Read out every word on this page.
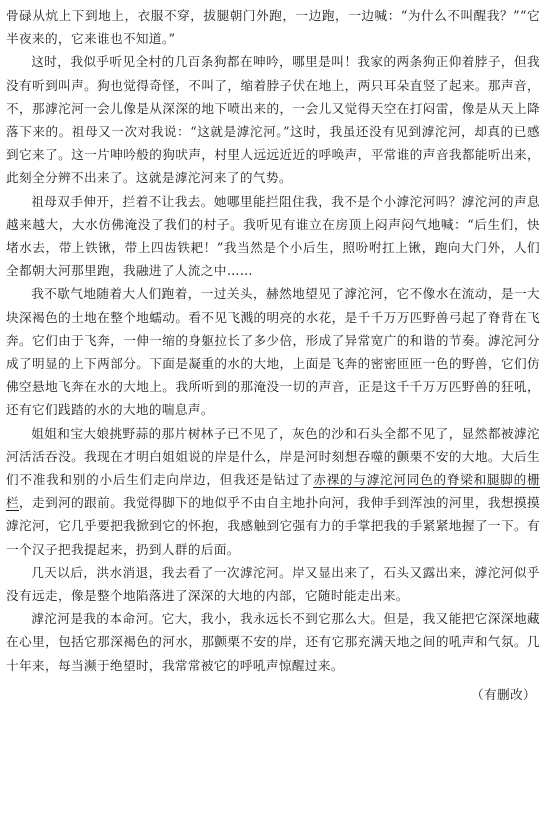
骨碌从炕上下到地上，衣服不穿，拔腿朝门外跑，一边跑，一边喊：“为什么不叫醒我？”“它半夜来的，它来谁也不知道。”

这时，我似乎听见全村的几百条狗都在呻吟，哪里是叫！我家的两条狗正仰着脖子，但我没有听到叫声。狗也觉得奇怪，不叫了，缩着脖子伏在地上，两只耳朵直竖了起来。那声音，不，那滹沱河一会儿像是从深深的地下喷出来的，一会儿又觉得天空在打闷雷，像是从天上降落下来的。祖母又一次对我说：“这就是滹沱河。”这时，我虽还没有见到滹沱河，却真的已感到它来了。这一片呻吟般的狗吠声，村里人远远近近的呼唤声，平常谁的声音我都能听出来，此刻全分辨不出来了。这就是滹沱河来了的气势。

祖母双手伸开，拦着不让我去。她哪里能拦阻住我，我不是个小滹沱河吗？滹沱河的声息越来越大，大水仿佛淹没了我们的村子。我听见有谁立在房顶上闷声闷气地喊：“后生们，快堵水去，带上铁锹，带上四齿铁耙！”我当然是个小后生，照吩咐扛上锹，跑向大门外，人们全都朝大河那里跑，我融进了人流之中……

我不歇气地随着大人们跑着，一过关头，赫然地望见了滹沱河，它不像水在流动，是一大块深褐色的土地在整个地蠕动。看不见飞溅的明亮的水花，是千千万万匹野兽弓起了脊背在飞奔。它们由于飞奔，一伸一缩的身躯拉长了多少倍，形成了异常宽广的和谐的节奏。滹沱河分成了明显的上下两部分。下面是凝重的水的大地，上面是飞奔的密密匝匝一色的野兽，它们仿佛空悬地飞奔在水的大地上。我所听到的那淹没一切的声音，正是这千千万万匹野兽的狂吼，还有它们践踏的水的大地的喘息声。

姐姐和宝大娘挑野蒜的那片树林子已不见了，灰色的沙和石头全都不见了，显然都被滹沱河活活吞没。我现在才明白姐姐说的岸是什么，岸是河时刻想吞噬的颤栗不安的大地。大后生们不准我和别的小后生们走向岸边，但我还是钻过了赤裸的与滹沱河同色的脊梁和腿脚的栅栏，走到河的跟前。我觉得脚下的地似乎不由自主地扑向河，我伸手到浑浊的河里，我想摸摸滹沱河，它几乎要把我掀到它的怀抱，我感触到它强有力的手掌把我的手紧紧地握了一下。有一个汉子把我提起来，扔到人群的后面。

几天以后，洪水消退，我去看了一次滹沱河。岸又显出来了，石头又露出来，滹沱河似乎没有远走，像是整个地陷落进了深深的大地的内部，它随时能走出来。

滹沱河是我的本命河。它大，我小，我永远长不到它那么大。但是，我又能把它深深地藏在心里，包括它那深褐色的河水，那颤栗不安的岸，还有它那充满天地之间的吼声和气氛。几十年来，每当濒于绝望时，我常常被它的呼吼声惊醒过来。

（有删改）
